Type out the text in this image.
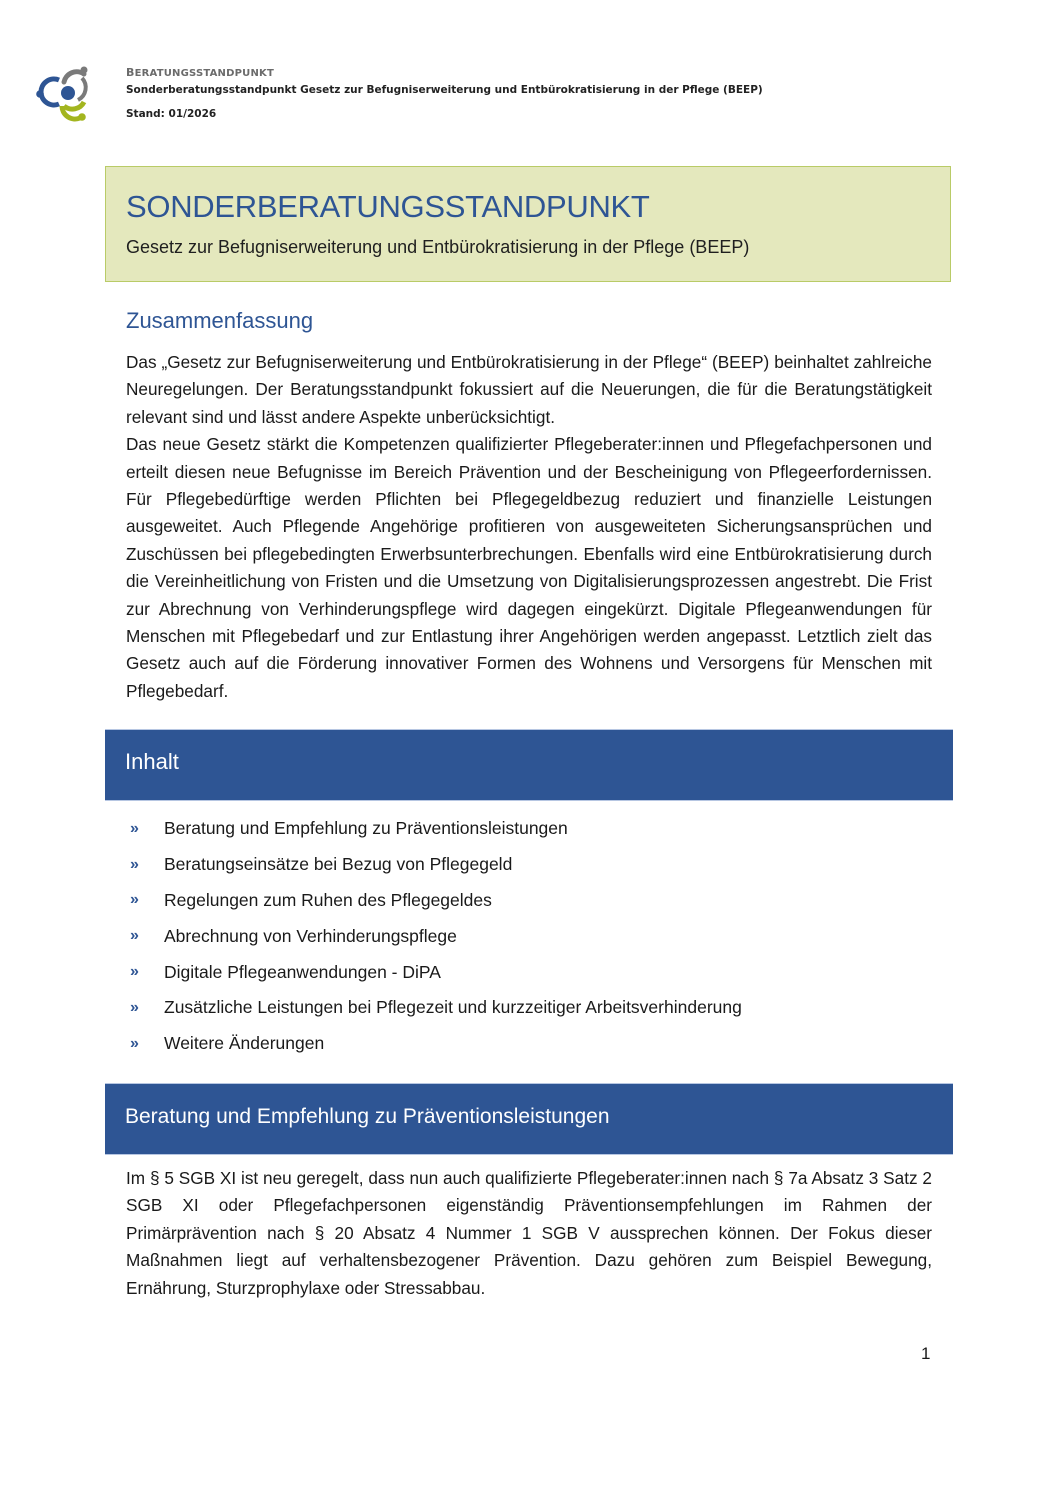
BERATUNGSSTANDPUNKT
Sonderberatungsstandpunkt Gesetz zur Befugniserweiterung und Entbürokratisierung in der Pflege (BEEP)
Stand: 01/2026
SONDERBERATUNGSSTANDPUNKT
Gesetz zur Befugniserweiterung und Entbürokratisierung in der Pflege (BEEP)
Zusammenfassung

Das „Gesetz zur Befugniserweiterung und Entbürokratisierung in der Pflege“ (BEEP) beinhaltet zahlreiche Neuregelungen. Der Beratungsstandpunkt fokussiert auf die Neuerungen, die für die Beratungstätigkeit relevant sind und lässt andere Aspekte unberücksichtigt.

Das neue Gesetz stärkt die Kompetenzen qualifizierter Pflegeberater:innen und Pflegefachpersonen und erteilt diesen neue Befugnisse im Bereich Prävention und der Bescheinigung von Pflegeerfordernissen. Für Pflegebedürftige werden Pflichten bei Pflegegeldbezug reduziert und finanzielle Leistungen ausgeweitet. Auch Pflegende Angehörige profitieren von ausgeweiteten Sicherungsansprüchen und Zuschüssen bei pflegebedingten Erwerbsunterbrechungen. Ebenfalls wird eine Entbürokratisierung durch die Vereinheitlichung von Fristen und die Umsetzung von Digitalisierungsprozessen angestrebt. Die Frist zur Abrechnung von Verhinderungspflege wird dagegen eingekürzt. Digitale Pflegeanwendungen für Menschen mit Pflegebedarf und zur Entlastung ihrer Angehörigen werden angepasst. Letztlich zielt das Gesetz auch auf die Förderung innovativer Formen des Wohnens und Versorgens für Menschen mit Pflegebedarf.

Inhalt
»	Beratung und Empfehlung zu Präventionsleistungen
»	Beratungseinsätze bei Bezug von Pflegegeld
»	Regelungen zum Ruhen des Pflegegeldes
»	Abrechnung von Verhinderungspflege
»	Digitale Pflegeanwendungen - DiPA
»	Zusätzliche Leistungen bei Pflegezeit und kurzzeitiger Arbeitsverhinderung
»	Weitere Änderungen
Beratung und Empfehlung zu Präventionsleistungen

Im § 5 SGB XI ist neu geregelt, dass nun auch qualifizierte Pflegeberater:innen nach § 7a Absatz 3 Satz 2 SGB XI oder Pflegefachpersonen eigenständig Präventionsempfehlungen im Rahmen der Primärprävention nach § 20 Absatz 4 Nummer 1 SGB V aussprechen können. Der Fokus dieser Maßnahmen liegt auf verhaltensbezogener Prävention. Dazu gehören zum Beispiel Bewegung, Ernährung, Sturzprophylaxe oder Stressabbau.

1
